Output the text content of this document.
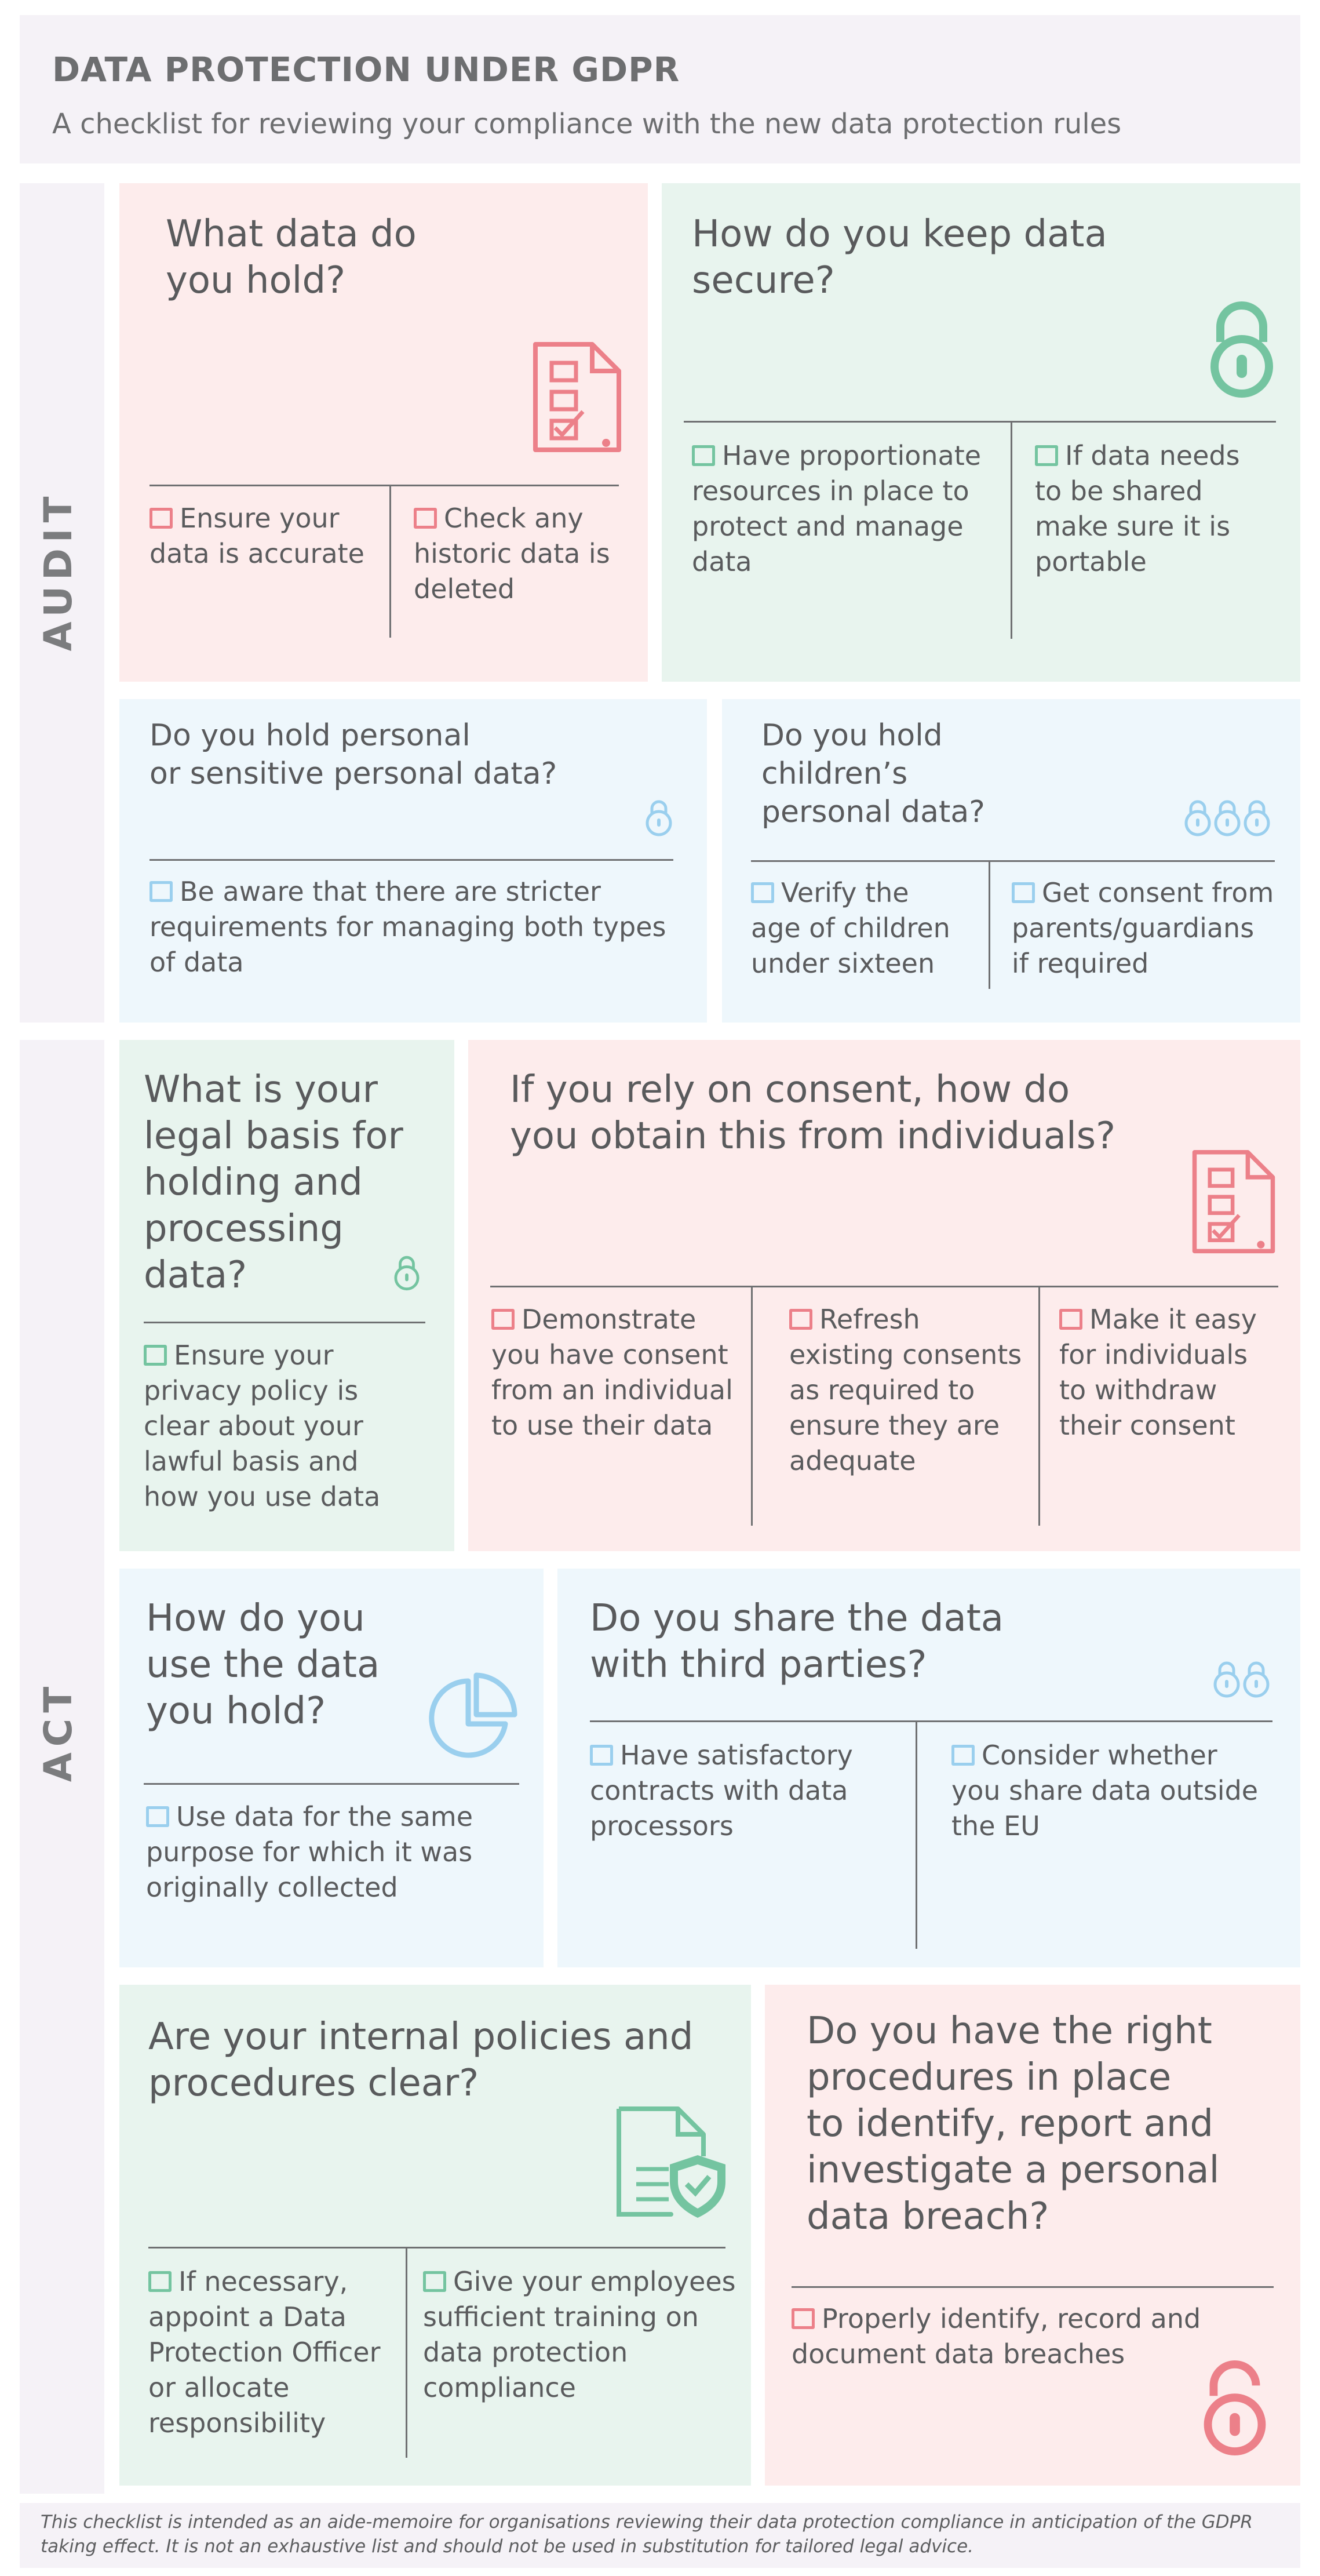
DATA PROTECTION UNDER GDPR
A checklist for reviewing your compliance with the new data protection rules
AUDIT
ACT
What data do
you hold?
Ensure your
data is accurate
Check any
historic data is
deleted
How do you keep data
secure?
Have proportionate
resources in place to
protect and manage
data
If data needs
to be shared
make sure it is
portable
Do you hold personal
or sensitive personal data?
Be aware that there are stricter
requirements for managing both types
of data
Do you hold
children’s
personal data?
Verify the
age of children
under sixteen
Get consent from
parents/guardians
if required
What is your
legal basis for
holding and
processing
data?
Ensure your
privacy policy is
clear about your
lawful basis and
how you use data
If you rely on consent, how do
you obtain this from individuals?
Demonstrate
you have consent
from an individual
to use their data
Refresh
existing consents
as required to
ensure they are
adequate
Make it easy
for individuals
to withdraw
their consent
How do you
use the data
you hold?
Use data for the same
purpose for which it was
originally collected
Do you share the data
with third parties?
Have satisfactory
contracts with data
processors
Consider whether
you share data outside
the EU
Are your internal policies and
procedures clear?
If necessary,
appoint a Data
Protection Officer
or allocate
responsibility
Give your employees
sufficient training on
data protection
compliance
Do you have the right
procedures in place
to identify, report and
investigate a personal
data breach?
Properly identify, record and
document data breaches

This checklist is intended as an aide-memoire for organisations reviewing their data protection compliance in anticipation of the GDPR
taking effect. It is not an exhaustive list and should not be used in substitution for tailored legal advice.
